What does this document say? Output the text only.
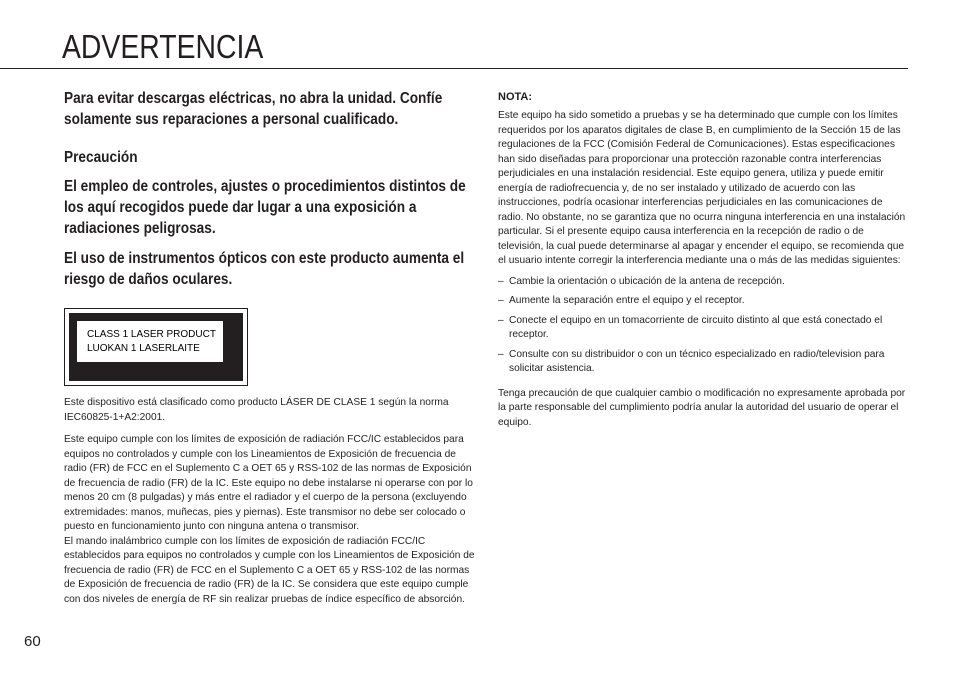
ADVERTENCIA

Para evitar descargas eléctricas, no abra la unidad. Confíe solamente sus reparaciones a personal cualificado.

Precaución

El empleo de controles, ajustes o procedimientos distintos de los aquí recogidos puede dar lugar a una exposición a radiaciones peligrosas.

El uso de instrumentos ópticos con este producto aumenta el riesgo de daños oculares.

CLASS 1 LASER PRODUCT
LUOKAN 1 LASERLAITE

Este dispositivo está clasificado como producto LÁSER DE CLASE 1 según la norma IEC60825-1+A2:2001.

Este equipo cumple con los límites de exposición de radiación FCC/IC establecidos para equipos no controlados y cumple con los Lineamientos de Exposición de frecuencia de radio (FR) de FCC en el Suplemento C a OET 65 y RSS-102 de las normas de Exposición de frecuencia de radio (FR) de la IC. Este equipo no debe instalarse ni operarse con por lo menos 20 cm (8 pulgadas) y más entre el radiador y el cuerpo de la persona (excluyendo extremidades: manos, muñecas, pies y piernas). Este transmisor no debe ser colocado o puesto en funcionamiento junto con ninguna antena o transmisor.

El mando inalámbrico cumple con los límites de exposición de radiación FCC/IC establecidos para equipos no controlados y cumple con los Lineamientos de Exposición de frecuencia de radio (FR) de FCC en el Suplemento C a OET 65 y RSS-102 de las normas de Exposición de frecuencia de radio (FR) de la IC. Se considera que este equipo cumple con dos niveles de energía de RF sin realizar pruebas de índice específico de absorción.

NOTA:

Este equipo ha sido sometido a pruebas y se ha determinado que cumple con los límites requeridos por los aparatos digitales de clase B, en cumplimiento de la Sección 15 de las regulaciones de la FCC (Comisión Federal de Comunicaciones). Estas especificaciones han sido diseñadas para proporcionar una protección razonable contra interferencias perjudiciales en una instalación residencial. Este equipo genera, utiliza y puede emitir energía de radiofrecuencia y, de no ser instalado y utilizado de acuerdo con las instrucciones, podría ocasionar interferencias perjudiciales en las comunicaciones de radio. No obstante, no se garantiza que no ocurra ninguna interferencia en una instalación particular. Si el presente equipo causa interferencia en la recepción de radio o de televisión, la cual puede determinarse al apagar y encender el equipo, se recomienda que el usuario intente corregir la interferencia mediante una o más de las medidas siguientes:

– Cambie la orientación o ubicación de la antena de recepción.
– Aumente la separación entre el equipo y el receptor.
– Conecte el equipo en un tomacorriente de circuito distinto al que está conectado el receptor.
– Consulte con su distribuidor o con un técnico especializado en radio/television para solicitar asistencia.

Tenga precaución de que cualquier cambio o modificación no expresamente aprobada por la parte responsable del cumplimiento podría anular la autoridad del usuario de operar el equipo.

60
